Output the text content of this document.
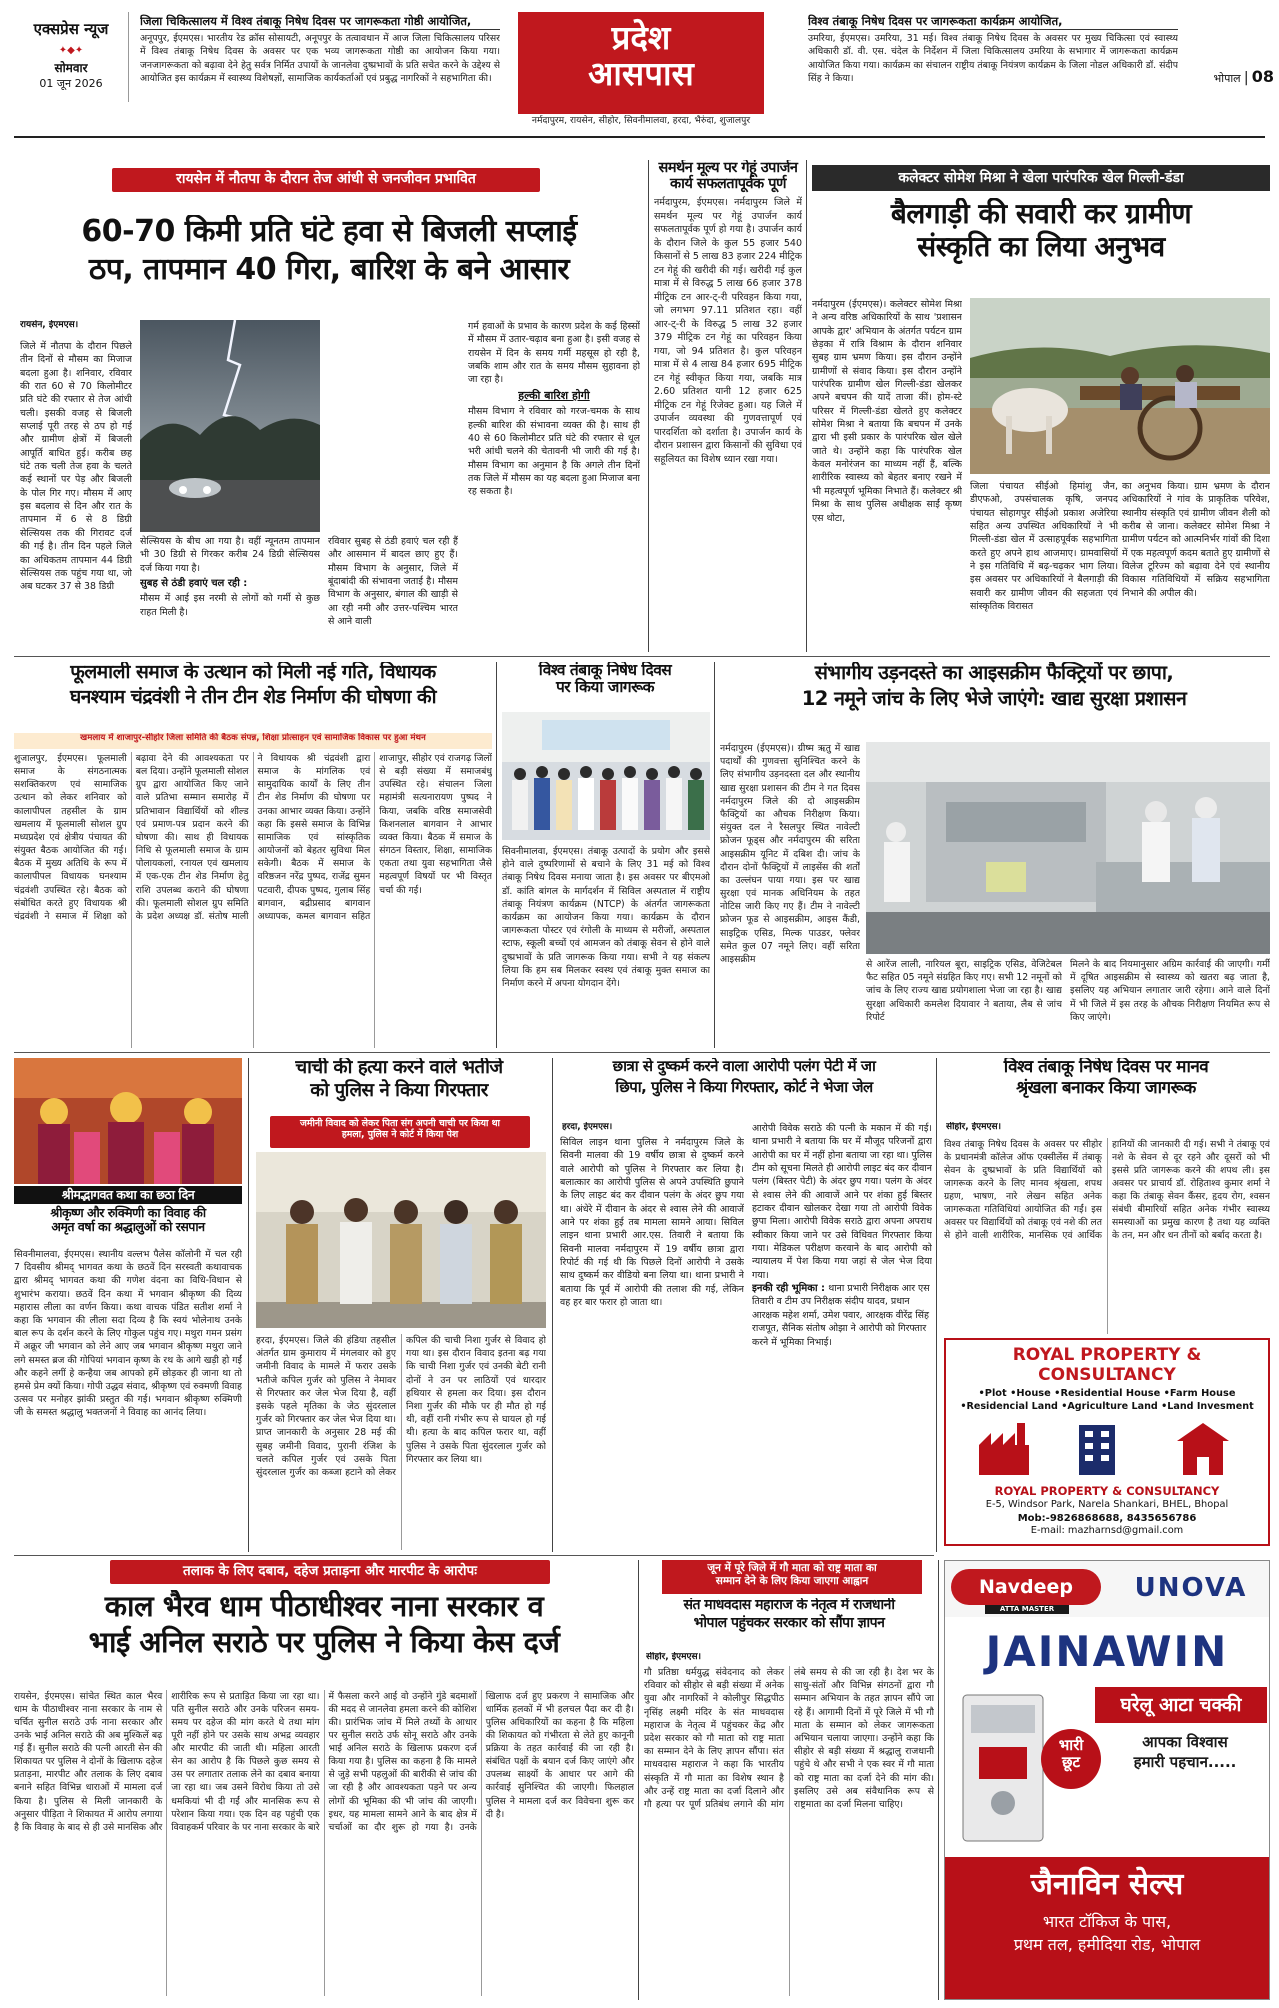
एक्सप्रेस न्यूज
✦◆✦
सोमवार
01 जून 2026
जिला चिकित्सालय में विश्व तंबाकू निषेध दिवस पर जागरूकता गोष्ठी आयोजित,
अनूपपुर, ईएमएस। भारतीय रेड क्रॉस सोसायटी, अनूपपुर के तत्वावधान में आज जिला चिकित्सालय परिसर में विश्व तंबाकू निषेध दिवस के अवसर पर एक भव्य जागरूकता गोष्ठी का आयोजन किया गया। जनजागरूकता को बढ़ावा देने हेतु सर्वत्र निर्मित उपायों के जानलेवा दुष्प्रभावों के प्रति सचेत करने के उद्देश्य से आयोजित इस कार्यक्रम में स्वास्थ्य विशेषज्ञों, सामाजिक कार्यकर्ताओं एवं प्रबुद्ध नागरिकों ने सहभागिता की।
प्रदेश
आसपास
नर्मदापुरम, रायसेन, सीहोर, सिवनीमालवा, हरदा, भैरुंदा, शुजालपुर
विश्व तंबाकू निषेध दिवस पर जागरूकता कार्यक्रम आयोजित,
उमरिया, ईएमएस। उमरिया, 31 मई। विश्व तंबाकू निषेध दिवस के अवसर पर मुख्य चिकित्सा एवं स्वास्थ्य अधिकारी डॉ. वी. एस. चंदेल के निर्देशन में जिला चिकित्सालय उमरिया के सभागार में जागरूकता कार्यक्रम आयोजित किया गया। कार्यक्रम का संचालन राष्ट्रीय तंबाकू नियंत्रण कार्यक्रम के जिला नोडल अधिकारी डॉ. संदीप सिंह ने किया।	भोपाल | 08
रायसेन में नौतपा के दौरान तेज आंधी से जनजीवन प्रभावित
60-70 किमी प्रति घंटे हवा से बिजली सप्लाई
ठप, तापमान 40 गिरा, बारिश के बने आसार
रायसेन, ईएमएस।
जिले में नौतपा के दौरान पिछले तीन दिनों से मौसम का मिजाज बदला हुआ है। शनिवार, रविवार की रात 60 से 70 किलोमीटर प्रति घंटे की रफ्तार से तेज आंधी चली। इसकी वजह से बिजली सप्लाई पूरी तरह से ठप हो गई और ग्रामीण क्षेत्रों में बिजली आपूर्ति बाधित हुई। करीब छह घंटे तक चली तेज हवा के चलते कई स्थानों पर पेड़ और बिजली के पोल गिर गए। मौसम में आए इस बदलाव से दिन और रात के तापमान में 6 से 8 डिग्री सेल्सियस तक की गिरावट दर्ज की गई है। तीन दिन पहले जिले का अधिकतम तापमान 44 डिग्री सेल्सियस तक पहुंच गया था, जो अब घटकर 37 से 38 डिग्री
सेल्सियस के बीच आ गया है। वहीं न्यूनतम तापमान भी 30 डिग्री से गिरकर करीब 24 डिग्री सेल्सियस दर्ज किया गया है।
सुबह से ठंडी हवाएं चल रही :
मौसम में आई इस नरमी से लोगों को गर्मी से कुछ राहत मिली है।
रविवार सुबह से ठंडी हवाएं चल रही हैं और आसमान में बादल छाए हुए हैं। मौसम विभाग के अनुसार, जिले में बूंदाबांदी की संभावना जताई है। मौसम विभाग के अनुसार, बंगाल की खाड़ी से आ रही नमी और उत्तर-पश्चिम भारत से आने वाली
गर्म हवाओं के प्रभाव के कारण प्रदेश के कई हिस्सों में मौसम में उतार-चढ़ाव बना हुआ है। इसी वजह से रायसेन में दिन के समय गर्मी महसूस हो रही है, जबकि शाम और रात के समय मौसम सुहावना हो जा रहा है।
हल्की बारिश होगी
मौसम विभाग ने रविवार को गरज-चमक के साथ हल्की बारिश की संभावना व्यक्त की है। साथ ही 40 से 60 किलोमीटर प्रति घंटे की रफ्तार से धूल भरी आंधी चलने की चेतावनी भी जारी की गई है। मौसम विभाग का अनुमान है कि अगले तीन दिनों तक जिले में मौसम का यह बदला हुआ मिजाज बना रह सकता है।
समर्थन मूल्य पर गेहूं उपार्जन कार्य सफलतापूर्वक पूर्ण
नर्मदापुरम, ईएमएस। नर्मदापुरम जिले में समर्थन मूल्य पर गेहूं उपार्जन कार्य सफलतापूर्वक पूर्ण हो गया है। उपार्जन कार्य के दौरान जिले के कुल 55 हजार 540 किसानों से 5 लाख 83 हजार 224 मीट्रिक टन गेहूं की खरीदी की गई। खरीदी गई कुल मात्रा में से विरुद्ध 5 लाख 66 हजार 378 मीट्रिक टन आर-ट्-री परिवहन किया गया, जो लगभग 97.11 प्रतिशत रहा। वहीं आर-ट्-री के विरुद्ध 5 लाख 32 हजार 379 मीट्रिक टन गेहूं का परिवहन किया गया, जो 94 प्रतिशत है। कुल परिवहन मात्रा में से 4 लाख 84 हजार 695 मीट्रिक टन गेहूं स्वीकृत किया गया, जबकि मात्र 2.60 प्रतिशत यानी 12 हजार 625 मीट्रिक टन गेहूं रिजेक्ट हुआ। यह जिले में उपार्जन व्यवस्था की गुणवत्तापूर्ण एवं पारदर्शिता को दर्शाता है। उपार्जन कार्य के दौरान प्रशासन द्वारा किसानों की सुविधा एवं सहूलियत का विशेष ध्यान रखा गया।
कलेक्टर सोमेश मिश्रा ने खेला पारंपरिक खेल गिल्ली-डंडा
बैलगाड़ी की सवारी कर ग्रामीण
संस्कृति का लिया अनुभव
नर्मदापुरम (ईएमएस)। कलेक्टर सोमेश मिश्रा ने अन्य वरिष्ठ अधिकारियों के साथ 'प्रशासन आपके द्वार' अभियान के अंतर्गत पर्यटन ग्राम छेड़का में रात्रि विश्राम के दौरान शनिवार सुबह ग्राम भ्रमण किया। इस दौरान उन्होंने ग्रामीणों से संवाद किया। इस दौरान उन्होंने पारंपरिक ग्रामीण खेल गिल्ली-डंडा खेलकर अपने बचपन की यादें ताजा कीं। होम-स्टे परिसर में गिल्ली-डंडा खेलते हुए कलेक्टर सोमेश मिश्रा ने बताया कि बचपन में उनके द्वारा भी इसी प्रकार के पारंपरिक खेल खेले जाते थे। उन्होंने कहा कि पारंपरिक खेल केवल मनोरंजन का माध्यम नहीं हैं, बल्कि शारीरिक स्वास्थ्य को बेहतर बनाए रखने में भी महत्वपूर्ण भूमिका निभाते हैं। कलेक्टर श्री मिश्रा के साथ पुलिस अधीक्षक साईं कृष्ण एस थोटा,
जिला पंचायत सीईओ हिमांशु जैन, डीएफओ, उपसंचालक कृषि, जनपद पंचायत सोहागपुर सीईओ प्रकाश अजेरिया सहित अन्य उपस्थित अधिकारियों ने भी गिल्ली-डंडा खेल में उत्साहपूर्वक सहभागिता करते हुए अपने हाथ आजमाए। ग्रामवासियों ने इस गतिविधि में बढ़-चढ़कर भाग लिया। इस अवसर पर अधिकारियों ने बैलगाड़ी की सवारी कर ग्रामीण जीवन की सहजता एवं सांस्कृतिक विरासत
का अनुभव किया। ग्राम भ्रमण के दौरान अधिकारियों ने गांव के प्राकृतिक परिवेश, स्थानीय संस्कृति एवं ग्रामीण जीवन शैली को करीब से जाना। कलेक्टर सोमेश मिश्रा ने ग्रामीण पर्यटन को आत्मनिर्भर गांवों की दिशा में एक महत्वपूर्ण कदम बताते हुए ग्रामीणों से विलेज टूरिज्म को बढ़ावा देने एवं स्थानीय विकास गतिविधियों में सक्रिय सहभागिता निभाने की अपील की।
फूलमाली समाज के उत्थान को मिली नई गति, विधायक
घनश्याम चंद्रवंशी ने तीन टीन शेड निर्माण की घोषणा की
खमलाय में शाजापुर-सीहोर जिला समिति की बैठक संपन्न, शिक्षा प्रोत्साहन एवं सामाजिक विकास पर हुआ मंथन
शुजालपुर, ईएमएस। फूलमाली समाज के संगठनात्मक सशक्तिकरण एवं सामाजिक उत्थान को लेकर शनिवार को कालापीपल तहसील के ग्राम खमलाय में फूलमाली सोशल ग्रुप मध्यप्रदेश एवं क्षेत्रीय पंचायत की संयुक्त बैठक आयोजित की गई। बैठक में मुख्य अतिथि के रूप में कालापीपल विधायक घनश्याम चंद्रवंशी उपस्थित रहे। बैठक को संबोधित करते हुए विधायक श्री चंद्रवंशी ने समाज में शिक्षा को बढ़ावा देने की आवश्यकता पर बल दिया। उन्होंने फूलमाली सोशल ग्रुप द्वारा आयोजित किए जाने वाले प्रतिभा सम्मान समारोह में प्रतिभावान विद्यार्थियों को शील्ड एवं प्रमाण-पत्र प्रदान करने की घोषणा की। साथ ही विधायक निधि से फूलमाली समाज के ग्राम पोलायकलां, रनायल एवं खमलाय में एक-एक टीन शेड निर्माण हेतु राशि उपलब्ध कराने की घोषणा की। फूलमाली सोशल ग्रुप समिति के प्रदेश अध्यक्ष डॉ. संतोष माली ने विधायक श्री चंद्रवंशी द्वारा समाज के मांगलिक एवं सामुदायिक कार्यों के लिए तीन टीन शेड निर्माण की घोषणा पर उनका आभार व्यक्त किया। उन्होंने कहा कि इससे समाज के विभिन्न सामाजिक एवं सांस्कृतिक आयोजनों को बेहतर सुविधा मिल सकेगी। बैठक में समाज के वरिष्ठजन नरेंद्र पुष्पद, राजेंद्र सुमन पटवारी, दीपक पुष्पद, गुलाब सिंह बागवान, बद्रीप्रसाद बागवान अध्यापक, कमल बागवान सहित शाजापुर, सीहोर एवं राजगढ़ जिलों से बड़ी संख्या में समाजबंधु उपस्थित रहे। संचालन जिला महामंत्री सत्यनारायण पुष्पद ने किया, जबकि वरिष्ठ समाजसेवी किशनलाल बागवान ने आभार व्यक्त किया। बैठक में समाज के संगठन विस्तार, शिक्षा, सामाजिक एकता तथा युवा सहभागिता जैसे महत्वपूर्ण विषयों पर भी विस्तृत चर्चा की गई।
विश्व तंबाकू निषेध दिवस
पर किया जागरूक
सिवनीमालवा, ईएमएस। तंबाकू उत्पादों के प्रयोग और इससे होने वाले दुष्परिणामों से बचाने के लिए 31 मई को विश्व तंबाकू निषेध दिवस मनाया जाता है। इस अवसर पर बीएमओ डॉ. कांति बांगल के मार्गदर्शन में सिविल अस्पताल में राष्ट्रीय तंबाकू नियंत्रण कार्यक्रम (NTCP) के अंतर्गत जागरूकता कार्यक्रम का आयोजन किया गया। कार्यक्रम के दौरान जागरूकता पोस्टर एवं रंगोली के माध्यम से मरीजों, अस्पताल स्टाफ, स्कूली बच्चों एवं आमजन को तंबाकू सेवन से होने वाले दुष्प्रभावों के प्रति जागरूक किया गया। सभी ने यह संकल्प लिया कि हम सब मिलकर स्वस्थ एवं तंबाकू मुक्त समाज का निर्माण करने में अपना योगदान देंगे।
संभागीय उड़नदस्ते का आइसक्रीम फैक्ट्रियों पर छापा,
12 नमूने जांच के लिए भेजे जाएंगे: खाद्य सुरक्षा प्रशासन
नर्मदापुरम (ईएमएस)। ग्रीष्म ऋतु में खाद्य पदार्थों की गुणवत्ता सुनिश्चित करने के लिए संभागीय उड़नदस्ता दल और स्थानीय खाद्य सुरक्षा प्रशासन की टीम ने गत दिवस नर्मदापुरम जिले की दो आइसक्रीम फैक्ट्रियों का औचक निरीक्षण किया। संयुक्त दल ने रैसलपुर स्थित नावेल्टी फ्रोजन फूड्स और नर्मदापुरम की सरिता आइसक्रीम यूनिट में दबिश दी। जांच के दौरान दोनों फैक्ट्रियों में लाइसेंस की शर्तों का उल्लंघन पाया गया। इस पर खाद्य सुरक्षा एवं मानक अधिनियम के तहत नोटिस जारी किए गए हैं। टीम ने नावेल्टी फ्रोजन फूड से आइसक्रीम, आइस कैंडी, साइट्रिक एसिड, मिल्क पाउडर, फ्लेवर समेत कुल 07 नमूने लिए। वहीं सरिता आइसक्रीम	से आरेंज लाली, नारियल बूरा, साइट्रिक एसिड, वेजिटेबल फैट सहित 05 नमूने संग्रहित किए गए। सभी 12 नमूनों को जांच के लिए राज्य खाद्य प्रयोगशाला भेजा जा रहा है। खाद्य सुरक्षा अधिकारी कमलेश दियावार ने बताया, लैब से जांच रिपोर्ट
मिलने के बाद नियमानुसार अग्रिम कार्रवाई की जाएगी। गर्मी में दूषित आइसक्रीम से स्वास्थ्य को खतरा बढ़ जाता है, इसलिए यह अभियान लगातार जारी रहेगा। आने वाले दिनों में भी जिले में इस तरह के औचक निरीक्षण नियमित रूप से किए जाएंगे।
श्रीमद्भागवत कथा का छठा दिन
श्रीकृष्ण और रुक्मिणी का विवाह की
अमृत वर्षा का श्रद्धालुओं को रसपान
सिवनीमालवा, ईएमएस। स्थानीय वल्लभ पैलेस कॉलोनी में चल रही 7 दिवसीय श्रीमद् भागवत कथा के छठवें दिन सरस्वती कथावाचक द्वारा श्रीमद् भागवत कथा की गणेश वंदना का विधि-विधान से शुभारंभ कराया। छठवें दिन कथा में भगवान श्रीकृष्ण की दिव्य महारास लीला का वर्णन किया। कथा वाचक पंडित सतीश शर्मा ने कहा कि भगवान की लीला सदा दिव्य है कि स्वयं भोलेनाथ उनके बाल रूप के दर्शन करने के लिए गोकुल पहुंच गए। मथुरा गमन प्रसंग में अक्रूर जी भगवान को लेने आए जब भगवान श्रीकृष्ण मथुरा जाने लगे समस्त ब्रज की गोपियां भगवान कृष्ण के रथ के आगे खड़ी हो गईं और कहने लगीं हे कन्हैया जब आपको हमें छोड़कर ही जाना था तो हमसे प्रेम क्यों किया। गोपी उद्धव संवाद, श्रीकृष्ण एवं रुक्मणी विवाह उत्सव पर मनोहर झांकी प्रस्तुत की गई। भगवान श्रीकृष्ण रुक्मिणी जी के समस्त श्रद्धालु भक्तजनों ने विवाह का आनंद लिया।
चाची की हत्या करने वाले भतीजे
को पुलिस ने किया गिरफ्तार
जमीनी विवाद को लेकर पिता संग अपनी चाची पर किया था
हमला, पुलिस ने कोर्ट में किया पेश
हरदा, ईएमएस। जिले की हंडिया तहसील अंतर्गत ग्राम कुमाराय में मंगलवार को हुए जमीनी विवाद के मामले में फरार उसके भतीजे कपिल गुर्जर को पुलिस ने नेमावर से गिरफ्तार कर जेल भेज दिया है, वहीं इसके पहले मृतिका के जेठ सुंदरलाल गुर्जर को गिरफ्तार कर जेल भेज दिया था। प्राप्त जानकारी के अनुसार 28 मई की सुबह जमीनी विवाद, पुरानी रंजिश के चलते कपिल गुर्जर एवं उसके पिता सुंदरलाल गुर्जर का कब्जा हटाने को लेकर कपिल की चाची निशा गुर्जर से विवाद हो गया था। इस दौरान विवाद इतना बढ़ गया कि चाची निशा गुर्जर एवं उनकी बेटी रानी दोनों ने उन पर लाठियों एवं धारदार हथियार से हमला कर दिया। इस दौरान निशा गुर्जर की मौके पर ही मौत हो गई थी, वहीं रानी गंभीर रूप से घायल हो गई थी। हत्या के बाद कपिल फरार था, वहीं पुलिस ने उसके पिता सुंदरलाल गुर्जर को गिरफ्तार कर लिया था।
छात्रा से दुष्कर्म करने वाला आरोपी पलंग पेटी में जा
छिपा, पुलिस ने किया गिरफ्तार, कोर्ट ने भेजा जेल
हरदा, ईएमएस।
सिविल लाइन थाना पुलिस ने नर्मदापुरम जिले के सिवनी मालवा की 19 वर्षीय छात्रा से दुष्कर्म करने वाले आरोपी को पुलिस ने गिरफ्तार कर लिया है। बलात्कार का आरोपी पुलिस से अपने उपस्थिति छुपाने के लिए लाइट बंद कर दीवान पलंग के अंदर छुप गया था। अंधेरे में दीवान के अंदर से श्वास लेने की आवाजें आने पर शंका हुई तब मामला सामने आया। सिविल लाइन थाना प्रभारी आर.एस. तिवारी ने बताया कि सिवनी मालवा नर्मदापुरम में 19 वर्षीय छात्रा द्वारा रिपोर्ट की गई थी कि पिछले दिनों आरोपी ने उसके साथ दुष्कर्म कर वीडियो बना लिया था। थाना प्रभारी ने बताया कि पूर्व में आरोपी की तलाश की गई, लेकिन वह हर बार फरार हो जाता था।
आरोपी विवेक सराठे की पत्नी के मकान में की गई। थाना प्रभारी ने बताया कि घर में मौजूद परिजनों द्वारा आरोपी का घर में नहीं होना बताया जा रहा था। पुलिस टीम को सूचना मिलते ही आरोपी लाइट बंद कर दीवान पलंग (बिस्तर पेटी) के अंदर छुप गया। पलंग के अंदर से श्वास लेने की आवाजें आने पर शंका हुई बिस्तर हटाकर दीवान खोलकर देखा गया तो आरोपी विवेक छुपा मिला। आरोपी विवेक सराठे द्वारा अपना अपराध स्वीकार किया जाने पर उसे विधिवत गिरफ्तार किया गया। मेडिकल परीक्षण करवाने के बाद आरोपी को न्यायालय में पेश किया गया जहां से जेल भेज दिया गया।
इनकी रही भूमिका : थाना प्रभारी निरीक्षक आर एस तिवारी व टीम उप निरीक्षक संदीप यादव, प्रधान आरक्षक महेश शर्मा, उमेश पवार, आरक्षक वीरेंद्र सिंह राजपूत, सैनिक संतोष ओझा ने आरोपी को गिरफ्तार करने में भूमिका निभाई।
विश्व तंबाकू निषेध दिवस पर मानव
श्रृंखला बनाकर किया जागरूक
सीहोर, ईएमएस।
विश्व तंबाकू निषेध दिवस के अवसर पर सीहोर के प्रधानमंत्री कॉलेज ऑफ एक्सीलेंस में तंबाकू सेवन के दुष्प्रभावों के प्रति विद्यार्थियों को जागरूक करने के लिए मानव श्रृंखला, शपथ ग्रहण, भाषण, नारे लेखन सहित अनेक जागरूकता गतिविधियां आयोजित की गईं। इस अवसर पर विद्यार्थियों को तंबाकू एवं नशे की लत से होने वाली शारीरिक, मानसिक एवं आर्थिक हानियों की जानकारी दी गई। सभी ने तंबाकू एवं नशे के सेवन से दूर रहने और दूसरों को भी इससे प्रति जागरूक करने की शपथ ली। इस अवसर पर प्राचार्य डॉ. रोहिताश्व कुमार शर्मा ने कहा कि तंबाकू सेवन कैंसर, हृदय रोग, श्वसन संबंधी बीमारियों सहित अनेक गंभीर स्वास्थ्य समस्याओं का प्रमुख कारण है तथा यह व्यक्ति के तन, मन और धन तीनों को बर्बाद करता है।
ROYAL PROPERTY & CONSULTANCY
•Plot •House •Residential House •Farm House
•Residencial Land •Agriculture Land •Land Invesment
ROYAL PROPERTY & CONSULTANCY
E-5, Windsor Park, Narela Shankari, BHEL, Bhopal
Mob:-9826868688, 8435656786
E-mail: mazharnsd@gmail.com
तलाक के लिए दबाव, दहेज प्रताड़ना और मारपीट के आरोपः
काल भैरव धाम पीठाधीश्वर नाना सरकार व
भाई अनिल सराठे पर पुलिस ने किया केस दर्ज
रायसेन, ईएमएस। सांचेत स्थित काल भैरव धाम के पीठाधीश्वर नाना सरकार के नाम से चर्चित सुनील सराठे उर्फ नाना सरकार और उनके भाई अनिल सराठे की अब मुश्किलें बढ़ गई हैं। सुनील सराठे की पत्नी आरती सेन की शिकायत पर पुलिस ने दोनों के खिलाफ दहेज प्रताड़ना, मारपीट और तलाक के लिए दबाव बनाने सहित विभिन्न धाराओं में मामला दर्ज किया है। पुलिस से मिली जानकारी के अनुसार पीड़िता ने शिकायत में आरोप लगाया है कि विवाह के बाद से ही उसे मानसिक और शारीरिक रूप से प्रताड़ित किया जा रहा था। पति सुनील सराठे और उनके परिजन समय-समय पर दहेज की मांग करते थे तथा मांग पूरी नहीं होने पर उसके साथ अभद्र व्यवहार और मारपीट की जाती थी। महिला आरती सेन का आरोप है कि पिछले कुछ समय से उस पर लगातार तलाक लेने का दबाव बनाया जा रहा था। जब उसने विरोध किया तो उसे धमकियां भी दी गईं और मानसिक रूप से परेशान किया गया। एक दिन वह पहुंची एक विवाहकर्म परिवार के पर नाना सरकार के बारे में फैसला करने आई वो उन्होंने गुंडे बदमाशों की मदद से जानलेवा हमला करने की कोशिश की। प्रारंभिक जांच में मिले तथ्यों के आधार पर सुनील सराठे उर्फ सोनू सराठे और उनके भाई अनिल सराठे के खिलाफ प्रकरण दर्ज किया गया है। पुलिस का कहना है कि मामले से जुड़े सभी पहलुओं की बारीकी से जांच की जा रही है और आवश्यकता पड़ने पर अन्य लोगों की भूमिका की भी जांच की जाएगी। इधर, यह मामला सामने आने के बाद क्षेत्र में चर्चाओं का दौर शुरू हो गया है। उनके खिलाफ दर्ज हुए प्रकरण ने सामाजिक और धार्मिक हलकों में भी हलचल पैदा कर दी है। पुलिस अधिकारियों का कहना है कि महिला की शिकायत को गंभीरता से लेते हुए कानूनी प्रक्रिया के तहत कार्रवाई की जा रही है। संबंधित पक्षों के बयान दर्ज किए जाएंगे और उपलब्ध साक्ष्यों के आधार पर आगे की कार्रवाई सुनिश्चित की जाएगी। फिलहाल पुलिस ने मामला दर्ज कर विवेचना शुरू कर दी है।
जून में पूरे जिले में गौ माता को राष्ट्र माता का
सम्मान देने के लिए किया जाएगा आह्वान
संत माधवदास महाराज के नेतृत्व में राजधानी
भोपाल पहुंचकर सरकार को सौंपा ज्ञापन
सीहोर, ईएमएस।
गौ प्रतिष्ठा धर्मयुद्ध संवेदनाद को लेकर रविवार को सीहोर से बड़ी संख्या में अनेक युवा और नागरिकों ने कोलीपुर सिद्धपीठ नृसिंह लक्ष्मी मंदिर के संत माधवदास महाराज के नेतृत्व में पहुंचकर केंद्र और प्रदेश सरकार को गौ माता को राष्ट्र माता का सम्मान देने के लिए ज्ञापन सौंपा। संत माधवदास महाराज ने कहा कि भारतीय संस्कृति में गौ माता का विशेष स्थान है और उन्हें राष्ट्र माता का दर्जा दिलाने और गौ हत्या पर पूर्ण प्रतिबंध लगाने की मांग लंबे समय से की जा रही है। देश भर के साधु-संतों और विभिन्न संगठनों द्वारा गौ सम्मान अभियान के तहत ज्ञापन सौंपे जा रहे हैं। आगामी दिनों में पूरे जिले में भी गौ माता के सम्मान को लेकर जागरूकता अभियान चलाया जाएगा। उन्होंने कहा कि सीहोर से बड़ी संख्या में श्रद्धालु राजधानी पहुंचे थे और सभी ने एक स्वर में गौ माता को राष्ट्र माता का दर्जा देने की मांग की। इसलिए उसे अब संवैधानिक रूप से राष्ट्रमाता का दर्जा मिलना चाहिए।
Navdeep
ATTA MASTER
UNOVA
JAINAWIN
घरेलू आटा चक्की
भारी
छूट
आपका विश्वास
हमारी पहचान.....
जैनाविन सेल्स
भारत टॉकिज के पास,
प्रथम तल, हमीदिया रोड, भोपाल
